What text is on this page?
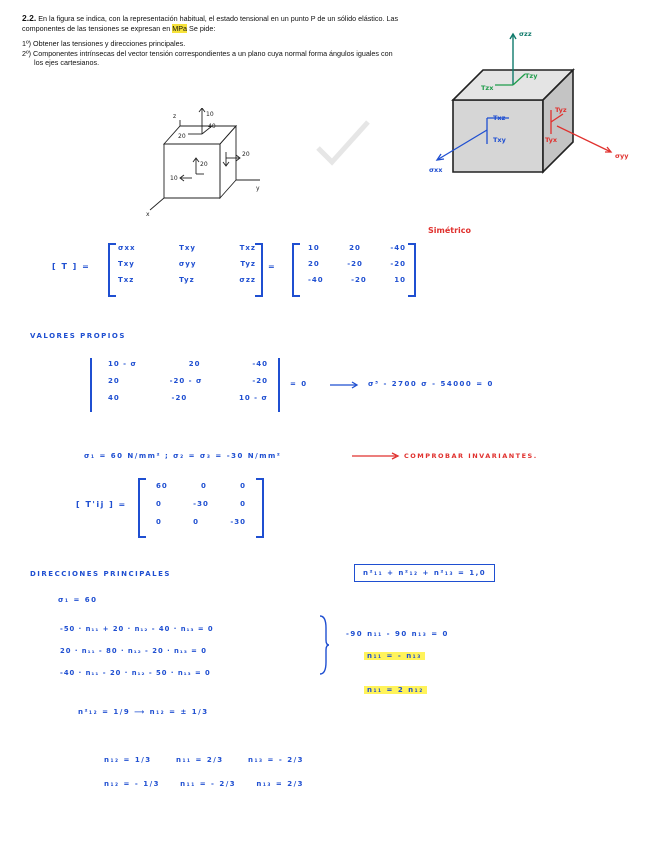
2.2. En la figura se indica, con la representación habitual, el estado tensional en un punto P de un sólido elástico. Las componentes de las tensiones se expresan en MPa Se pide:
1º) Obtener las tensiones y direcciones principales.
2º) Componentes intrínsecas del vector tensión correspondientes a un plano cuya normal forma ángulos iguales con los ejes cartesianos.
z	10
40
20
20
20
10
y
x
σzz
Tzy
Tzx
Txz
Txy
σxx
Tyz
Tyx
σyy
[ T ] =
σxx	Txy	Txz
Txy	σyy	Tyz
Txz	Tyz	σzz
=
10	20	-40
20	-20	-20
-40	-20	10
Simétrico
VALORES PROPIOS
10 - σ	20	-40
20	-20 - σ	-20
40	-20	10 - σ
= 0	σ³ - 2700 σ - 54000 = 0
σ₁ = 60 N/mm² ; σ₂ = σ₃ = -30 N/mm²	COMPROBAR INVARIANTES.
[ T'ij ] =
60	0	0
0	-30	0
0	0	-30
DIRECCIONES PRINCIPALES	n²₁₁ + n²₁₂ + n²₁₃ = 1,0
σ₁ = 60
-50 · n₁₁ + 20 · n₁₂ - 40 · n₁₃ = 0
20 · n₁₁ - 80 · n₁₂ - 20 · n₁₃ = 0
-40 · n₁₁ - 20 · n₁₂ - 50 · n₁₃ = 0
-90 n₁₁ - 90 n₁₃ = 0
n₁₁ = - n₁₃
n₁₁ = 2 n₁₂
n²₁₂ = 1/9 ⟶ n₁₂ = ± 1/3
n₁₂ = 1/3	n₁₁ = 2/3	n₁₃ = - 2/3
n₁₂ = - 1/3	n₁₁ = - 2/3	n₁₃ = 2/3
